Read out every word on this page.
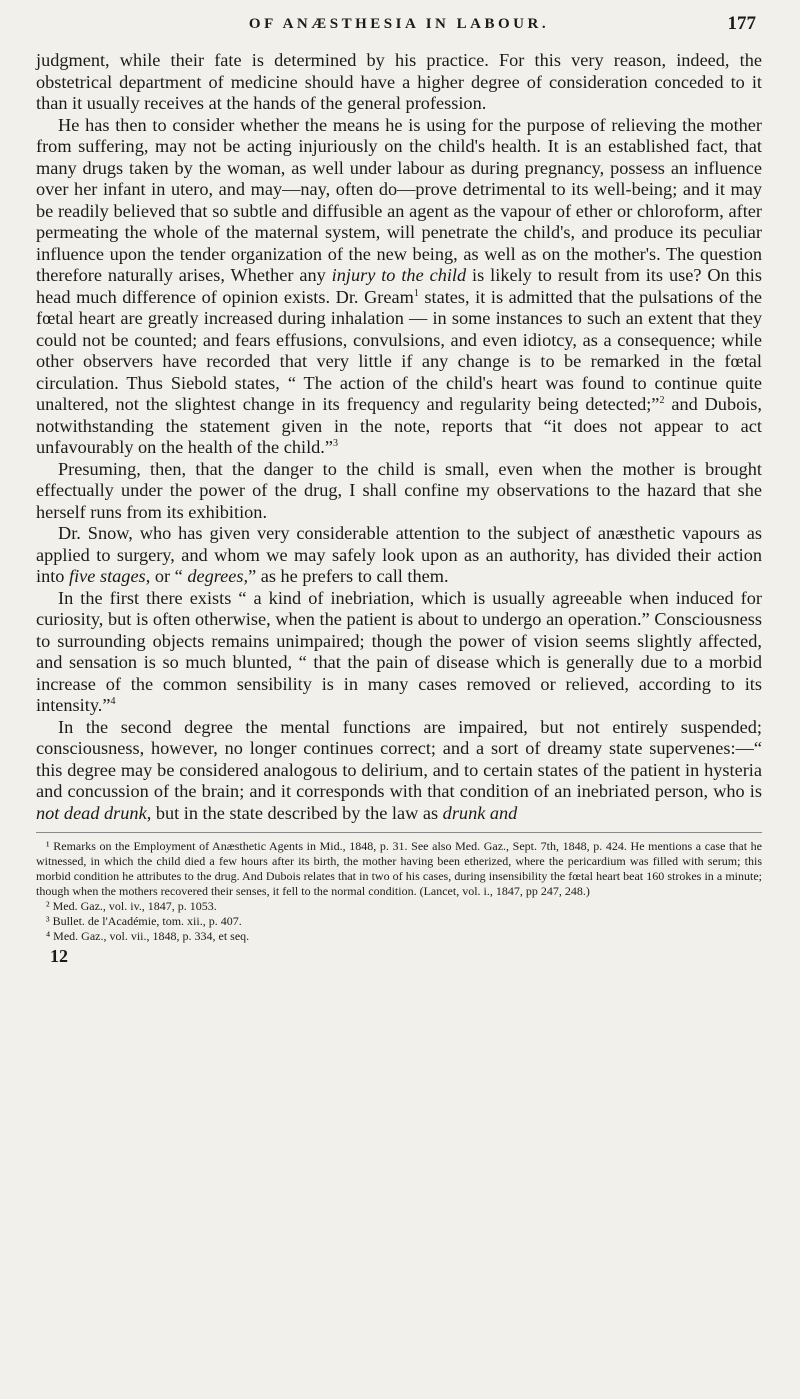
OF ANÆSTHESIA IN LABOUR.	177

judgment, while their fate is determined by his practice. For this very reason, indeed, the obstetrical department of medicine should have a higher degree of consideration conceded to it than it usually receives at the hands of the general profession.

He has then to consider whether the means he is using for the purpose of relieving the mother from suffering, may not be acting injuriously on the child's health. It is an established fact, that many drugs taken by the woman, as well under labour as during pregnancy, possess an influence over her infant in utero, and may—nay, often do—prove detrimental to its well-being; and it may be readily believed that so subtle and diffusible an agent as the vapour of ether or chloroform, after permeating the whole of the maternal system, will penetrate the child's, and produce its peculiar influence upon the tender organization of the new being, as well as on the mother's. The question therefore naturally arises, Whether any injury to the child is likely to result from its use? On this head much difference of opinion exists. Dr. Gream$^1$ states, it is admitted that the pulsations of the fœtal heart are greatly increased during inhalation — in some instances to such an extent that they could not be counted; and fears effusions, convulsions, and even idiotcy, as a consequence; while other observers have recorded that very little if any change is to be remarked in the fœtal circulation. Thus Siebold states, “ The action of the child's heart was found to continue quite unaltered, not the slightest change in its frequency and regularity being detected;”$^2$ and Dubois, notwithstanding the statement given in the note, reports that “it does not appear to act unfavourably on the health of the child.”$^3$

Presuming, then, that the danger to the child is small, even when the mother is brought effectually under the power of the drug, I shall confine my observations to the hazard that she herself runs from its exhibition.

Dr. Snow, who has given very considerable attention to the subject of anæsthetic vapours as applied to surgery, and whom we may safely look upon as an authority, has divided their action into five stages, or “ degrees,” as he prefers to call them.

In the first there exists “ a kind of inebriation, which is usually agreeable when induced for curiosity, but is often otherwise, when the patient is about to undergo an operation.” Consciousness to surrounding objects remains unimpaired; though the power of vision seems slightly affected, and sensation is so much blunted, “ that the pain of disease which is generally due to a morbid increase of the common sensibility is in many cases removed or relieved, according to its intensity.”$^4$

In the second degree the mental functions are impaired, but not entirely suspended; consciousness, however, no longer continues correct; and a sort of dreamy state supervenes:—“ this degree may be considered analogous to delirium, and to certain states of the patient in hysteria and concussion of the brain; and it corresponds with that condition of an inebriated person, who is not dead drunk, but in the state described by the law as drunk and

¹ Remarks on the Employment of Anæsthetic Agents in Mid., 1848, p. 31. See also Med. Gaz., Sept. 7th, 1848, p. 424. He mentions a case that he witnessed, in which the child died a few hours after its birth, the mother having been etherized, where the pericardium was filled with serum; this morbid condition he attributes to the drug. And Dubois relates that in two of his cases, during insensibility the fœtal heart beat 160 strokes in a minute; though when the mothers recovered their senses, it fell to the normal condition. (Lancet, vol. i., 1847, pp 247, 248.)

² Med. Gaz., vol. iv., 1847, p. 1053.

³ Bullet. de l'Académie, tom. xii., p. 407.

⁴ Med. Gaz., vol. vii., 1848, p. 334, et seq.

12
